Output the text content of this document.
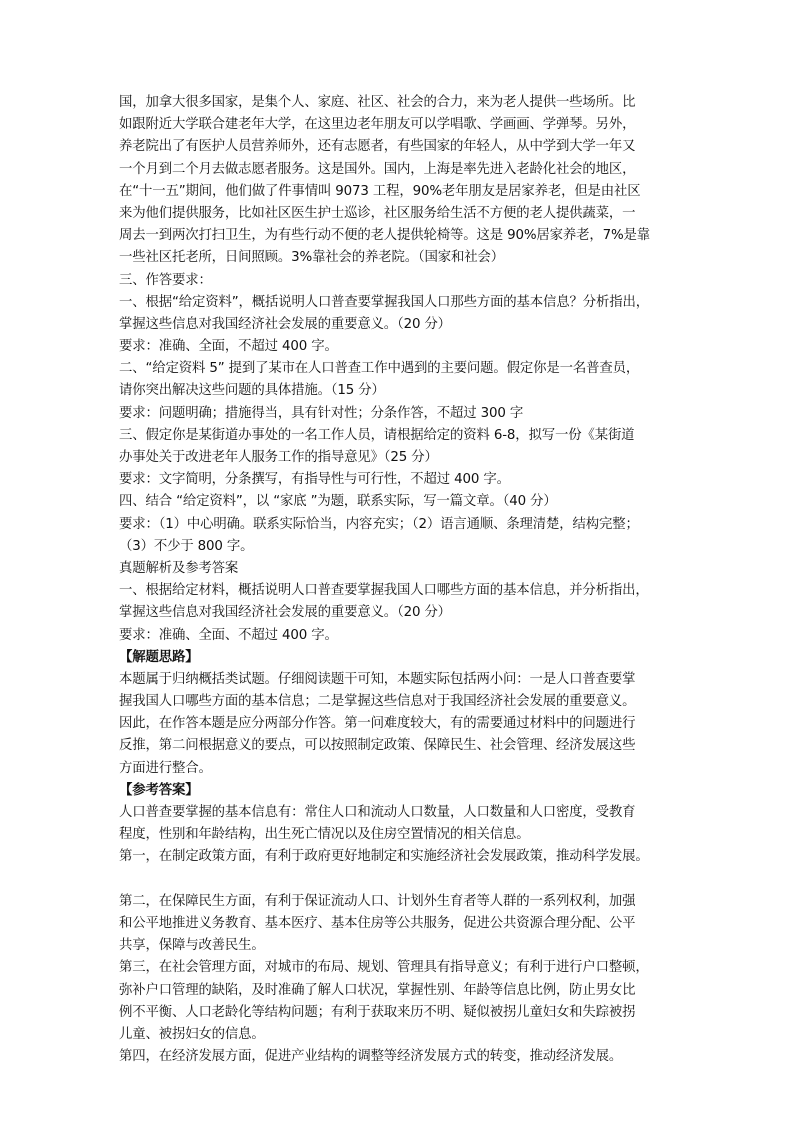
国，加拿大很多国家，是集个人、家庭、社区、社会的合力，来为老人提供一些场所。比
如跟附近大学联合建老年大学，在这里边老年朋友可以学唱歌、学画画、学弹琴。另外，
养老院出了有医护人员营养师外，还有志愿者，有些国家的年轻人，从中学到大学一年又
一个月到二个月去做志愿者服务。这是国外。国内，上海是率先进入老龄化社会的地区，
在“十一五”期间，他们做了件事情叫 9073 工程，90%老年朋友是居家养老，但是由社区
来为他们提供服务，比如社区医生护士巡诊，社区服务给生活不方便的老人提供蔬菜，一
周去一到两次打扫卫生，为有些行动不便的老人提供轮椅等。这是 90%居家养老，7%是靠
一些社区托老所，日间照顾。3%靠社会的养老院。（国家和社会）
三、作答要求：
一、根据“给定资料”，概括说明人口普查要掌握我国人口那些方面的基本信息？分析指出，
掌握这些信息对我国经济社会发展的重要意义。（20 分）
要求：准确、全面，不超过 400 字。
二、“给定资料 5” 提到了某市在人口普查工作中遇到的主要问题。假定你是一名普查员，
请你突出解决这些问题的具体措施。（15 分）
要求：问题明确；措施得当，具有针对性；分条作答，不超过 300 字
三、假定你是某街道办事处的一名工作人员，请根据给定的资料 6-8，拟写一份《某街道
办事处关于改进老年人服务工作的指导意见》（25 分）
要求：文字简明，分条撰写，有指导性与可行性，不超过 400 字。
四、结合 “给定资料”，以 “家底 ”为题，联系实际，写一篇文章。（40 分）
要求：（1）中心明确。联系实际恰当，内容充实；（2）语言通顺、条理清楚，结构完整；
（3）不少于 800 字。
真题解析及参考答案
一、根据给定材料，概括说明人口普查要掌握我国人口哪些方面的基本信息，并分析指出，
掌握这些信息对我国经济社会发展的重要意义。（20 分）
要求：准确、全面、不超过 400 字。
【解题思路】
本题属于归纳概括类试题。仔细阅读题干可知，本题实际包括两小问：一是人口普查要掌
握我国人口哪些方面的基本信息；二是掌握这些信息对于我国经济社会发展的重要意义。
因此，在作答本题是应分两部分作答。第一问难度较大，有的需要通过材料中的问题进行
反推，第二问根据意义的要点，可以按照制定政策、保障民生、社会管理、经济发展这些
方面进行整合。
【参考答案】
人口普查要掌握的基本信息有：常住人口和流动人口数量，人口数量和人口密度，受教育
程度，性别和年龄结构，出生死亡情况以及住房空置情况的相关信息。
第一，在制定政策方面，有利于政府更好地制定和实施经济社会发展政策，推动科学发展。
第二，在保障民生方面，有利于保证流动人口、计划外生育者等人群的一系列权利，加强
和公平地推进义务教育、基本医疗、基本住房等公共服务，促进公共资源合理分配、公平
共享，保障与改善民生。
第三，在社会管理方面，对城市的布局、规划、管理具有指导意义；有利于进行户口整顿，
弥补户口管理的缺陷，及时准确了解人口状况，掌握性别、年龄等信息比例，防止男女比
例不平衡、人口老龄化等结构问题；有利于获取来历不明、疑似被拐儿童妇女和失踪被拐
儿童、被拐妇女的信息。
第四，在经济发展方面，促进产业结构的调整等经济发展方式的转变，推动经济发展。
